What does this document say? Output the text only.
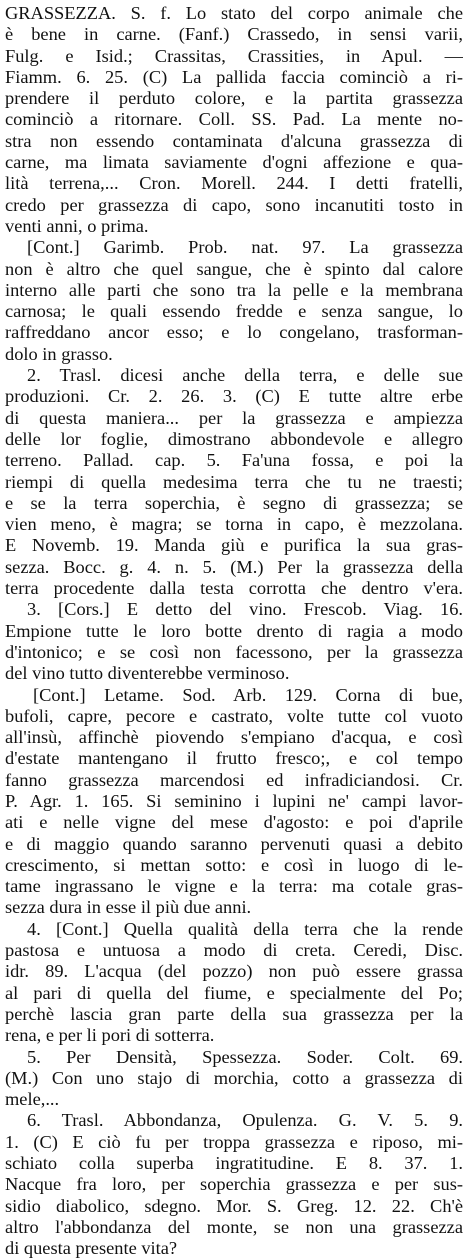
GRASSEZZA. S. f. Lo stato del corpo animale che
è bene in carne. (Fanf.) Crassedo, in sensi varii,
Fulg. e Isid.; Crassitas, Crassities, in Apul. —
Fiamm. 6. 25. (C) La pallida faccia cominciò a ri-
prendere il perduto colore, e la partita grassezza
cominciò a ritornare. Coll. SS. Pad. La mente no-
stra non essendo contaminata d'alcuna grassezza di
carne, ma limata saviamente d'ogni affezione e qua-
lità terrena,... Cron. Morell. 244. I detti fratelli,
credo per grassezza di capo, sono incanutiti tosto in
venti anni, o prima.
[Cont.] Garimb. Prob. nat. 97. La grassezza
non è altro che quel sangue, che è spinto dal calore
interno alle parti che sono tra la pelle e la membrana
carnosa; le quali essendo fredde e senza sangue, lo
raffreddano ancor esso; e lo congelano, trasforman-
dolo in grasso.
2. Trasl. dicesi anche della terra, e delle sue
produzioni. Cr. 2. 26. 3. (C) E tutte altre erbe
di questa maniera... per la grassezza e ampiezza
delle lor foglie, dimostrano abbondevole e allegro
terreno. Pallad. cap. 5. Fa'una fossa, e poi la
riempi di quella medesima terra che tu ne traesti;
e se la terra soperchia, è segno di grassezza; se
vien meno, è magra; se torna in capo, è mezzolana.
E Novemb. 19. Manda giù e purifica la sua gras-
sezza. Bocc. g. 4. n. 5. (M.) Per la grassezza della
terra procedente dalla testa corrotta che dentro v'era.
3. [Cors.] E detto del vino. Frescob. Viag. 16.
Empione tutte le loro botte drento di ragia a modo
d'intonico; e se così non facessono, per la grassezza
del vino tutto diventerebbe verminoso.
[Cont.] Letame. Sod. Arb. 129. Corna di bue,
bufoli, capre, pecore e castrato, volte tutte col vuoto
all'insù, affinchè piovendo s'empiano d'acqua, e così
d'estate mantengano il frutto fresco;, e col tempo
fanno grassezza marcendosi ed infradiciandosi. Cr.
P. Agr. 1. 165. Si seminino i lupini ne' campi lavor-
ati e nelle vigne del mese d'agosto: e poi d'aprile
e di maggio quando saranno pervenuti quasi a debito
crescimento, si mettan sotto: e così in luogo di le-
tame ingrassano le vigne e la terra: ma cotale gras-
sezza dura in esse il più due anni.
4. [Cont.] Quella qualità della terra che la rende
pastosa e untuosa a modo di creta. Ceredi, Disc.
idr. 89. L'acqua (del pozzo) non può essere grassa
al pari di quella del fiume, e specialmente del Po;
perchè lascia gran parte della sua grassezza per la
rena, e per li pori di sotterra.
5. Per Densità, Spessezza. Soder. Colt. 69.
(M.) Con uno stajo di morchia, cotto a grassezza di
mele,...
6. Trasl. Abbondanza, Opulenza. G. V. 5. 9.
1. (C) E ciò fu per troppa grassezza e riposo, mi-
schiato colla superba ingratitudine. E 8. 37. 1.
Nacque fra loro, per soperchia grassezza e per sus-
sidio diabolico, sdegno. Mor. S. Greg. 12. 22. Ch'è
altro l'abbondanza del monte, se non una grassezza
di questa presente vita?
